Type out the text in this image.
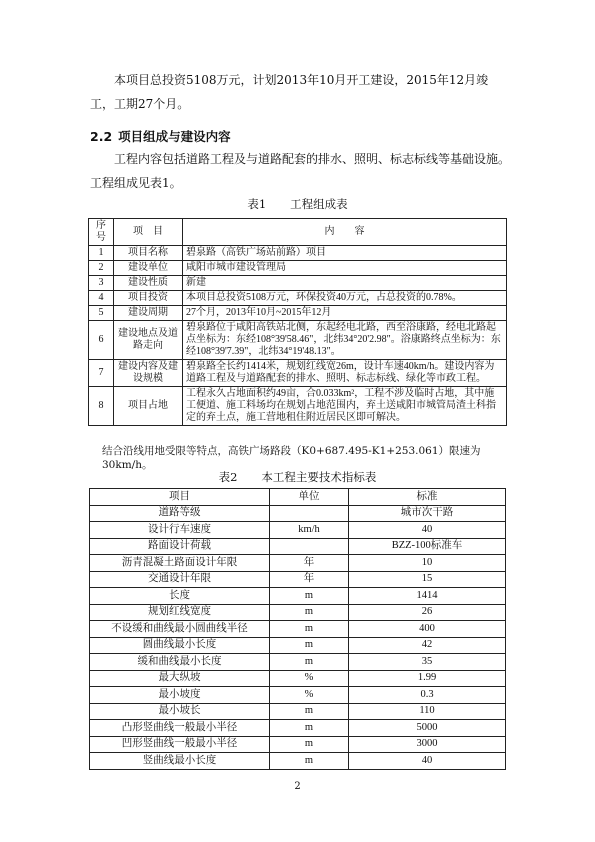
本项目总投资5108万元，计划2013年10月开工建设，2015年12月竣工，工期27个月。

2.2 项目组成与建设内容

工程内容包括道路工程及与道路配套的排水、照明、标志标线等基础设施。工程组成见表1。

表1 工程组成表

序号	项　目	内　　容
1	项目名称	碧泉路（高铁广场站前路）项目
2	建设单位	咸阳市城市建设管理局
3	建设性质	新建
4	项目投资	本项目总投资5108万元，环保投资40万元，占总投资的0.78%。
5	建设周期	27个月，2013年10月~2015年12月
6	建设地点及道路走向	碧泉路位于咸阳高铁站北侧，东起经电北路，西至浴康路，经电北路起点坐标为：东经108°39'58.46"，北纬34°20'2.98"。浴康路终点坐标为：东经108°39'7.39"，北纬34°19'48.13"。
7	建设内容及建设规模	碧泉路全长约1414米，规划红线宽26m，设计车速40km/h。建设内容为道路工程及与道路配套的排水、照明、标志标线、绿化等市政工程。
8	项目占地	工程永久占地面积约49亩，合0.033km²，工程不涉及临时占地，其中施工便道、施工料场均在规划占地范围内，弃土送咸阳市城管局渣土科指定的弃土点，施工营地租住附近居民区即可解决。

结合沿线用地受限等特点，高铁广场路段（K0+687.495-K1+253.061）限速为30km/h。

表2 本工程主要技术指标表

项目	单位	标准
道路等级		城市次干路
设计行车速度	km/h	40
路面设计荷载		BZZ-100标准车
沥青混凝土路面设计年限	年	10
交通设计年限	年	15
长度	m	1414
规划红线宽度	m	26
不设缓和曲线最小圆曲线半径	m	400
圆曲线最小长度	m	42
缓和曲线最小长度	m	35
最大纵坡	%	1.99
最小坡度	%	0.3
最小坡长	m	110
凸形竖曲线一般最小半径	m	5000
凹形竖曲线一般最小半径	m	3000
竖曲线最小长度	m	40

2
